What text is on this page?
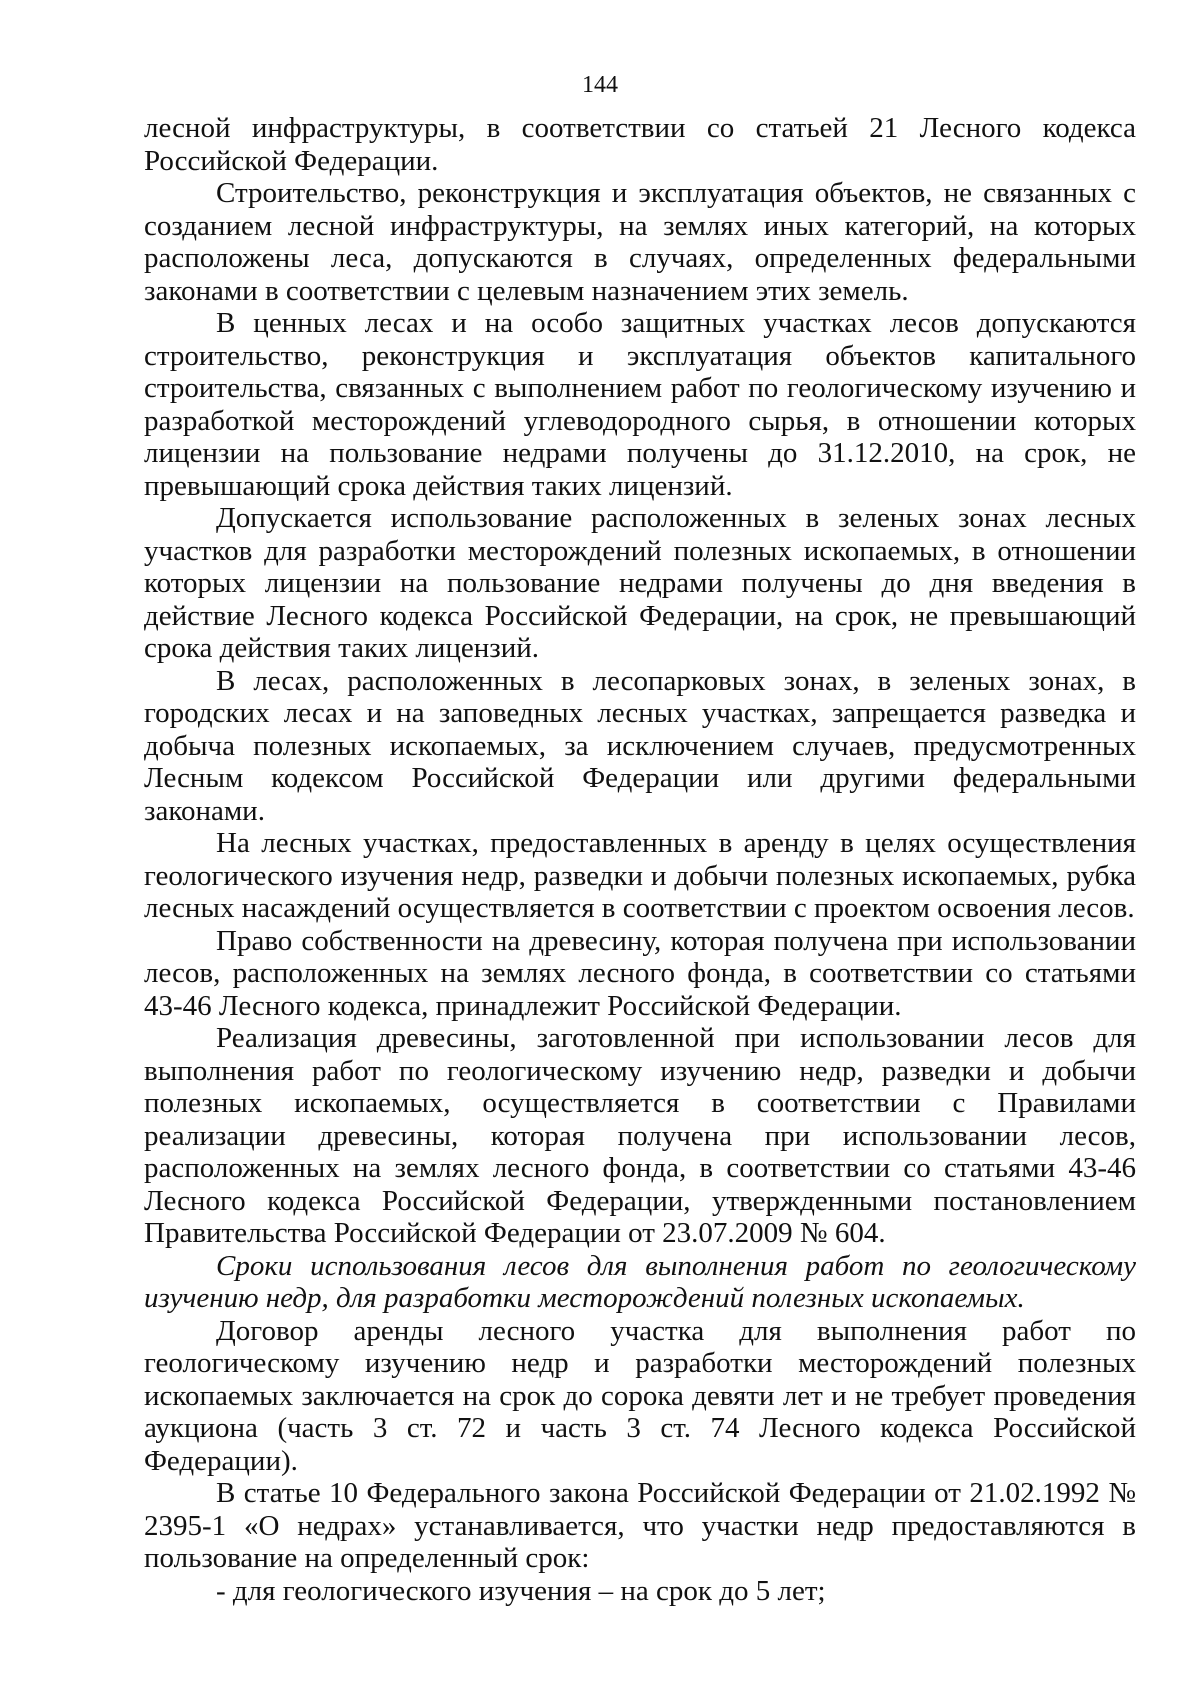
144

лесной инфраструктуры, в соответствии со статьей 21 Лесного кодекса Российской Федерации.

Строительство, реконструкция и эксплуатация объектов, не связанных с созданием лесной инфраструктуры, на землях иных категорий, на которых расположены леса, допускаются в случаях, определенных федеральными законами в соответствии с целевым назначением этих земель.

В ценных лесах и на особо защитных участках лесов допускаются строительство, реконструкция и эксплуатация объектов капитального строительства, связанных с выполнением работ по геологическому изучению и разработкой месторождений углеводородного сырья, в отношении которых лицензии на пользование недрами получены до 31.12.2010, на срок, не превышающий срока действия таких лицензий.

Допускается использование расположенных в зеленых зонах лесных участков для разработки месторождений полезных ископаемых, в отношении которых лицензии на пользование недрами получены до дня введения в действие Лесного кодекса Российской Федерации, на срок, не превышающий срока действия таких лицензий.

В лесах, расположенных в лесопарковых зонах, в зеленых зонах, в городских лесах и на заповедных лесных участках, запрещается разведка и добыча полезных ископаемых, за исключением случаев, предусмотренных Лесным кодексом Российской Федерации или другими федеральными законами.

На лесных участках, предоставленных в аренду в целях осуществления геологического изучения недр, разведки и добычи полезных ископаемых, рубка лесных насаждений осуществляется в соответствии с проектом освоения лесов.

Право собственности на древесину, которая получена при использовании лесов, расположенных на землях лесного фонда, в соответствии со статьями 43-46 Лесного кодекса, принадлежит Российской Федерации.

Реализация древесины, заготовленной при использовании лесов для выполнения работ по геологическому изучению недр, разведки и добычи полезных ископаемых, осуществляется в соответствии с Правилами реализации древесины, которая получена при использовании лесов, расположенных на землях лесного фонда, в соответствии со статьями 43-46 Лесного кодекса Российской Федерации, утвержденными постановлением Правительства Российской Федерации от 23.07.2009 № 604.

Сроки использования лесов для выполнения работ по геологическому изучению недр, для разработки месторождений полезных ископаемых.

Договор аренды лесного участка для выполнения работ по геологическому изучению недр и разработки месторождений полезных ископаемых заключается на срок до сорока девяти лет и не требует проведения аукциона (часть 3 ст. 72 и часть 3 ст. 74 Лесного кодекса Российской Федерации).

В статье 10 Федерального закона Российской Федерации от 21.02.1992 № 2395-1 «О недрах» устанавливается, что участки недр предоставляются в пользование на определенный срок:

- для геологического изучения – на срок до 5 лет;
